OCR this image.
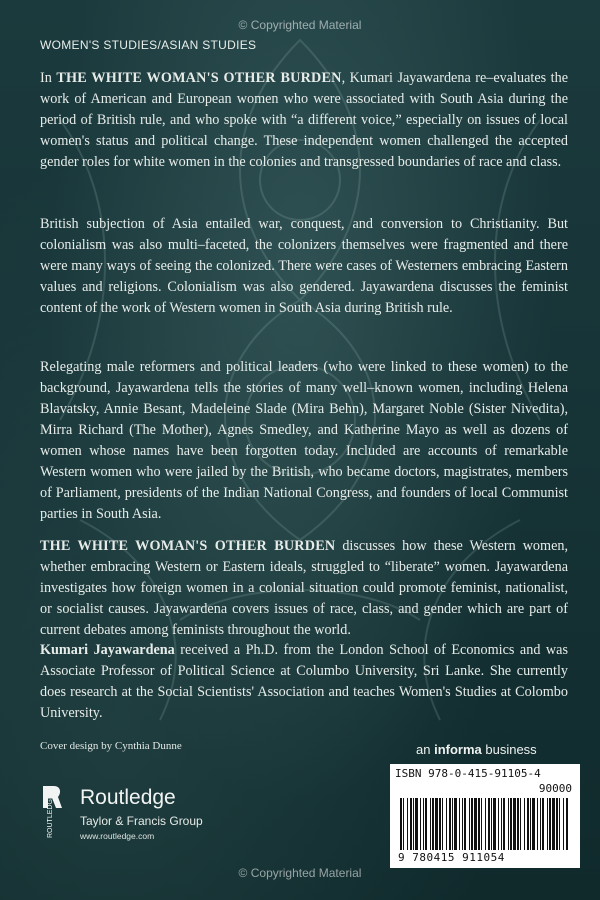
© Copyrighted Material
WOMEN'S STUDIES/ASIAN STUDIES
In THE WHITE WOMAN'S OTHER BURDEN, Kumari Jayawardena re–evaluates the work of American and European women who were associated with South Asia during the period of British rule, and who spoke with “a different voice,” especially on issues of local women's status and political change. These independent women challenged the accepted gender roles for white women in the colonies and transgressed boundaries of race and class.
British subjection of Asia entailed war, conquest, and conversion to Christianity. But colonialism was also multi–faceted, the colonizers themselves were fragmented and there were many ways of seeing the colonized. There were cases of Westerners embracing Eastern values and religions. Colonialism was also gendered. Jayawardena discusses the feminist content of the work of Western women in South Asia during British rule.
Relegating male reformers and political leaders (who were linked to these women) to the background, Jayawardena tells the stories of many well–known women, including Helena Blavatsky, Annie Besant, Madeleine Slade (Mira Behn), Margaret Noble (Sister Nivedita), Mirra Richard (The Mother), Agnes Smedley, and Katherine Mayo as well as dozens of women whose names have been forgotten today. Included are accounts of remarkable Western women who were jailed by the British, who became doctors, magistrates, members of Parliament, presidents of the Indian National Congress, and founders of local Communist parties in South Asia.
THE WHITE WOMAN'S OTHER BURDEN discusses how these Western women, whether embracing Western or Eastern ideals, struggled to “liberate” women. Jayawardena investigates how foreign women in a colonial situation could promote feminist, nationalist, or socialist causes. Jayawardena covers issues of race, class, and gender which are part of current debates among feminists throughout the world.
Kumari Jayawardena received a Ph.D. from the London School of Economics and was Associate Professor of Political Science at Columbo University, Sri Lanke. She currently does research at the Social Scientists' Association and teaches Women's Studies at Colombo University.
Cover design by Cynthia Dunne	an informa business
ISBN 978-0-415-91105-4
90000
9 780415 911054
ROUTLEDGE Routledge
Taylor & Francis Group
www.routledge.com
© Copyrighted Material
